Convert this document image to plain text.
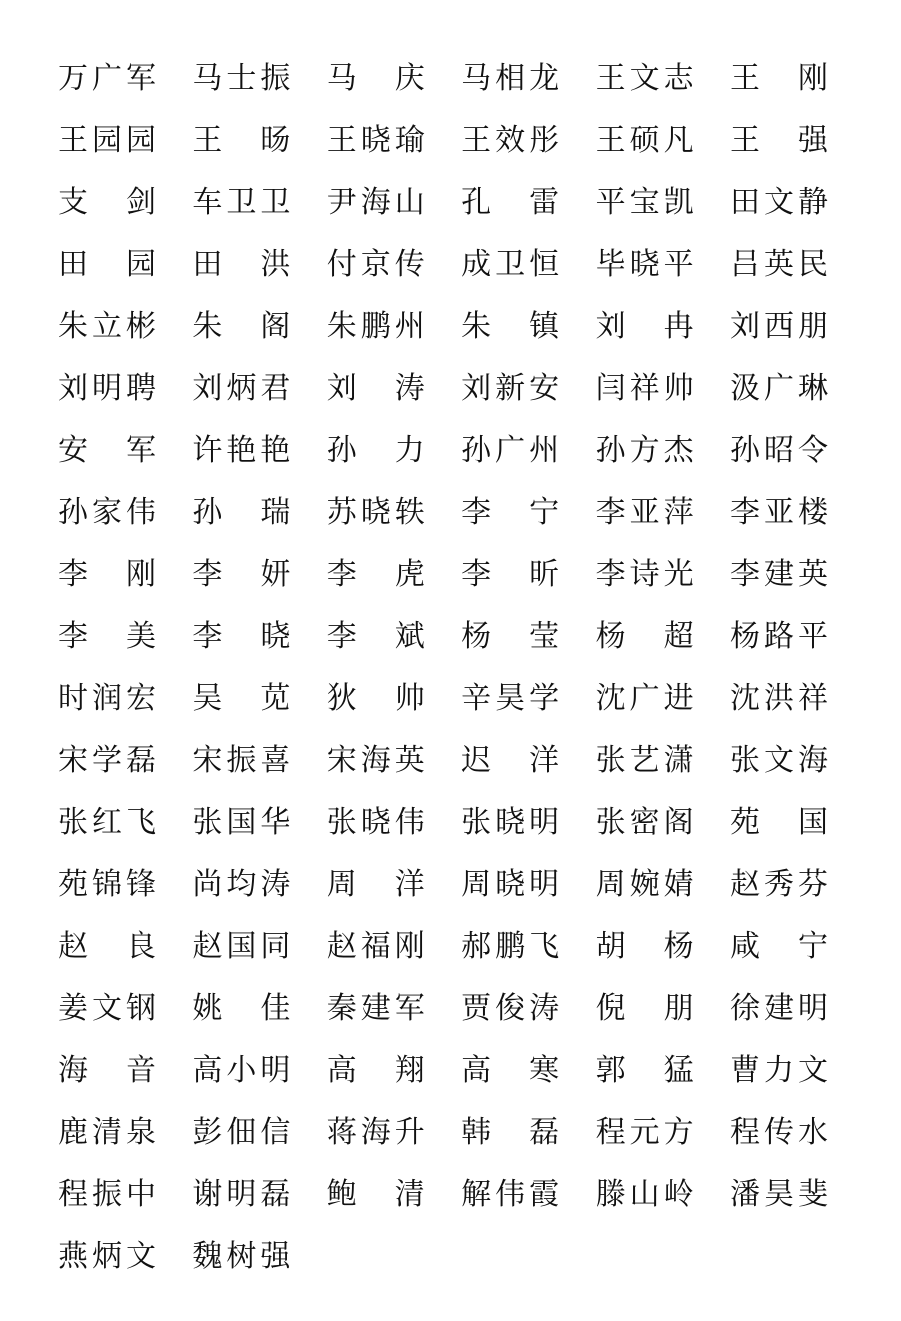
万 广 军 马 士 振 马 庆 马 相 龙 王 文 志 王 刚
王 园 园 王 旸 王 晓 瑜 王 效 彤 王 硕 凡 王 强
支 剑 车 卫 卫 尹 海 山 孔 雷 平 宝 凯 田 文 静
田 园 田 洪 付 京 传 成 卫 恒 毕 晓 平 吕 英 民
朱 立 彬 朱 阁 朱 鹏 州 朱 镇 刘 冉 刘 西 朋
刘 明 聘 刘 炳 君 刘 涛 刘 新 安 闫 祥 帅 汲 广 琳
安 军 许 艳 艳 孙 力 孙 广 州 孙 方 杰 孙 昭 令
孙 家 伟 孙 瑞 苏 晓 轶 李 宁 李 亚 萍 李 亚 楼
李 刚 李 妍 李 虎 李 昕 李 诗 光 李 建 英
李 美 李 晓 李 斌 杨 莹 杨 超 杨 路 平
时 润 宏 吴 苋 狄 帅 辛 昊 学 沈 广 进 沈 洪 祥
宋 学 磊 宋 振 喜 宋 海 英 迟 洋 张 艺 潇 张 文 海
张 红 飞 张 国 华 张 晓 伟 张 晓 明 张 密 阁 苑 国
苑 锦 锋 尚 均 涛 周 洋 周 晓 明 周 婉 婧 赵 秀 芬
赵 良 赵 国 同 赵 福 刚 郝 鹏 飞 胡 杨 咸 宁
姜 文 钢 姚 佳 秦 建 军 贾 俊 涛 倪 朋 徐 建 明
海 音 高 小 明 高 翔 高 寒 郭 猛 曹 力 文
鹿 清 泉 彭 佃 信 蒋 海 升 韩 磊 程 元 方 程 传 水
程 振 中 谢 明 磊 鲍 清 解 伟 霞 滕 山 岭 潘 昊 斐
燕 炳 文 魏 树 强
